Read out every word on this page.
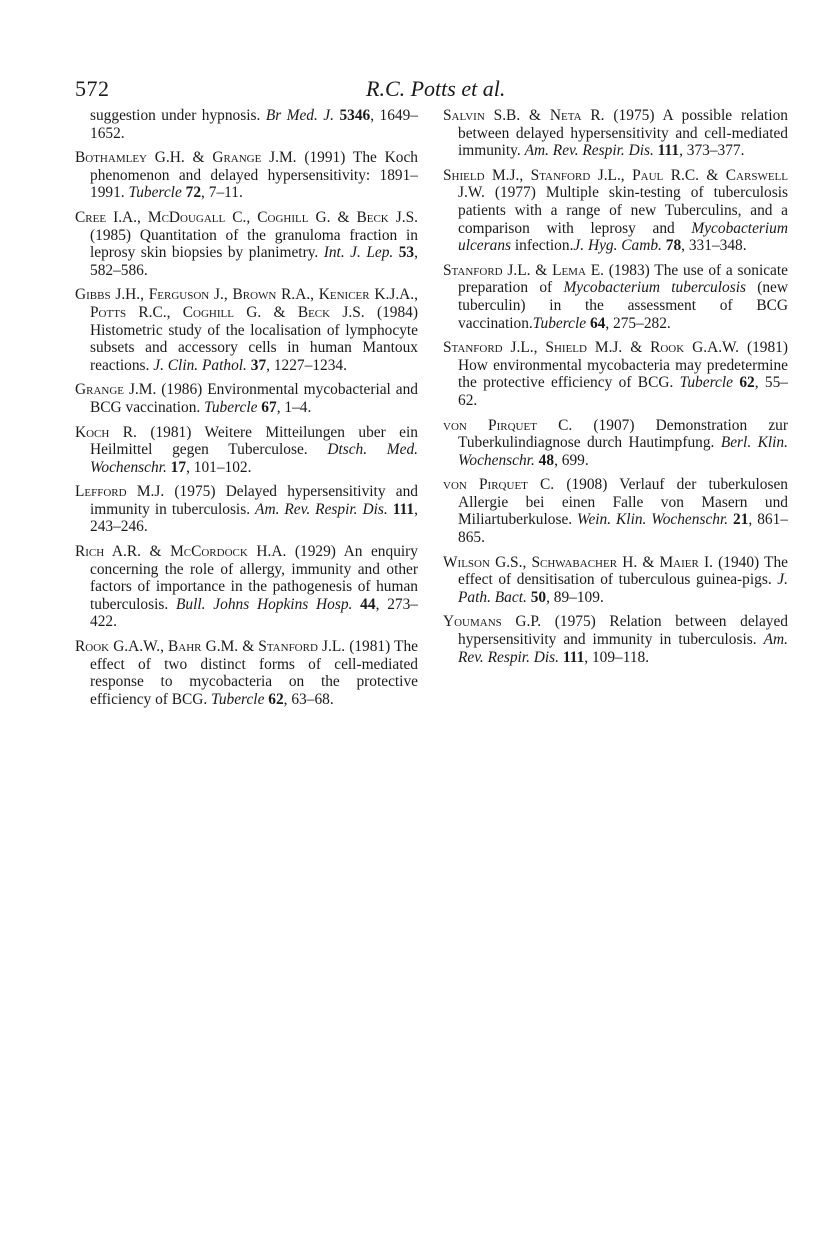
572	R.C. Potts et al.
suggestion under hypnosis. Br Med. J. 5346, 1649–1652.
Bothamley G.H. & Grange J.M. (1991) The Koch phenomenon and delayed hypersensitivity: 1891–1991. Tubercle 72, 7–11.
Cree I.A., McDougall C., Coghill G. & Beck J.S. (1985) Quantitation of the granuloma fraction in leprosy skin biopsies by planimetry. Int. J. Lep. 53, 582–586.
Gibbs J.H., Ferguson J., Brown R.A., Kenicer K.J.A., Potts R.C., Coghill G. & Beck J.S. (1984) Histometric study of the localisation of lymphocyte subsets and accessory cells in human Mantoux reactions. J. Clin. Pathol. 37, 1227–1234.
Grange J.M. (1986) Environmental mycobacterial and BCG vaccination. Tubercle 67, 1–4.
Koch R. (1981) Weitere Mitteilungen uber ein Heilmittel gegen Tuberculose. Dtsch. Med. Wochenschr. 17, 101–102.
Lefford M.J. (1975) Delayed hypersensitivity and immunity in tuberculosis. Am. Rev. Respir. Dis. 111, 243–246.
Rich A.R. & McCordock H.A. (1929) An enquiry concerning the role of allergy, immunity and other factors of importance in the pathogenesis of human tuberculosis. Bull. Johns Hopkins Hosp. 44, 273–422.
Rook G.A.W., Bahr G.M. & Stanford J.L. (1981) The effect of two distinct forms of cell-mediated response to mycobacteria on the protective efficiency of BCG. Tubercle 62, 63–68.
Salvin S.B. & Neta R. (1975) A possible relation between delayed hypersensitivity and cell-mediated immunity. Am. Rev. Respir. Dis. 111, 373–377.
Shield M.J., Stanford J.L., Paul R.C. & Carswell J.W. (1977) Multiple skin-testing of tuberculosis patients with a range of new Tuberculins, and a comparison with leprosy and Mycobacterium ulcerans infection.J. Hyg. Camb. 78, 331–348.
Stanford J.L. & Lema E. (1983) The use of a sonicate preparation of Mycobacterium tuberculosis (new tuberculin) in the assessment of BCG vaccination.Tubercle 64, 275–282.
Stanford J.L., Shield M.J. & Rook G.A.W. (1981) How environmental mycobacteria may predetermine the protective efficiency of BCG. Tubercle 62, 55–62.
von Pirquet C. (1907) Demonstration zur Tuberkulindiagnose durch Hautimpfung. Berl. Klin. Wochenschr. 48, 699.
von Pirquet C. (1908) Verlauf der tuberkulosen Allergie bei einen Falle von Masern und Miliartuberkulose. Wein. Klin. Wochenschr. 21, 861–865.
Wilson G.S., Schwabacher H. & Maier I. (1940) The effect of densitisation of tuberculous guinea-pigs. J. Path. Bact. 50, 89–109.
Youmans G.P. (1975) Relation between delayed hypersensitivity and immunity in tuberculosis. Am. Rev. Respir. Dis. 111, 109–118.
